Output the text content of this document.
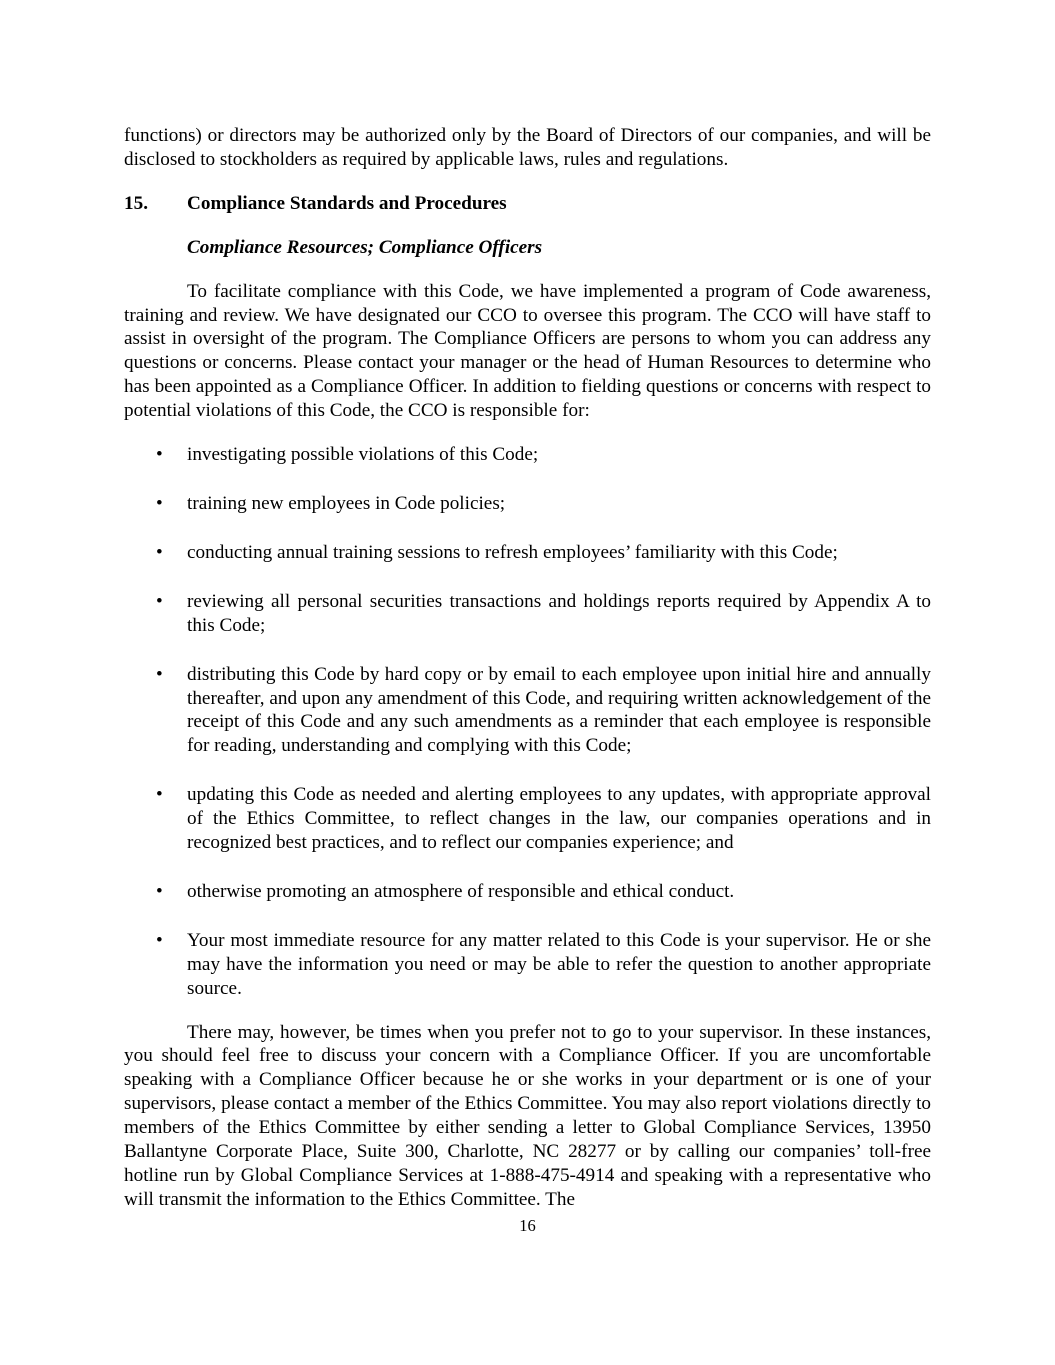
functions) or directors may be authorized only by the Board of Directors of our companies, and will be disclosed to stockholders as required by applicable laws, rules and regulations.

15.	Compliance Standards and Procedures
Compliance Resources; Compliance Officers

To facilitate compliance with this Code, we have implemented a program of Code awareness, training and review. We have designated our CCO to oversee this program. The CCO will have staff to assist in oversight of the program. The Compliance Officers are persons to whom you can address any questions or concerns. Please contact your manager or the head of Human Resources to determine who has been appointed as a Compliance Officer. In addition to fielding questions or concerns with respect to potential violations of this Code, the CCO is responsible for:

•	investigating possible violations of this Code;
•	training new employees in Code policies;
•	conducting annual training sessions to refresh employees’ familiarity with this Code;
•	reviewing all personal securities transactions and holdings reports required by Appendix A to this Code;
•	distributing this Code by hard copy or by email to each employee upon initial hire and annually thereafter, and upon any amendment of this Code, and requiring written acknowledgement of the receipt of this Code and any such amendments as a reminder that each employee is responsible for reading, understanding and complying with this Code;
•	updating this Code as needed and alerting employees to any updates, with appropriate approval of the Ethics Committee, to reflect changes in the law, our companies operations and in recognized best practices, and to reflect our companies experience; and
•	otherwise promoting an atmosphere of responsible and ethical conduct.
•	Your most immediate resource for any matter related to this Code is your supervisor. He or she may have the information you need or may be able to refer the question to another appropriate source.

There may, however, be times when you prefer not to go to your supervisor. In these instances, you should feel free to discuss your concern with a Compliance Officer. If you are uncomfortable speaking with a Compliance Officer because he or she works in your department or is one of your supervisors, please contact a member of the Ethics Committee. You may also report violations directly to members of the Ethics Committee by either sending a letter to Global Compliance Services, 13950 Ballantyne Corporate Place, Suite 300, Charlotte, NC 28277 or by calling our companies’ toll-free hotline run by Global Compliance Services at 1-888-475-4914 and speaking with a representative who will transmit the information to the Ethics Committee. The

16
